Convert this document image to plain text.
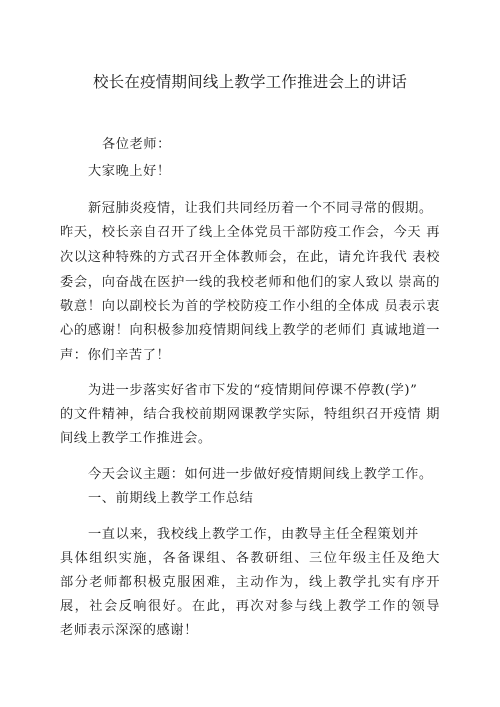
校长在疫情期间线上教学工作推进会上的讲话
各位老师：
大家晚上好！
新冠肺炎疫情，让我们共同经历着一个不同寻常的假期。
昨天，校长亲自召开了线上全体党员干部防疫工作会，今天 再
次以这种特殊的方式召开全体教师会，在此，请允许我代 表校
委会，向奋战在医护一线的我校老师和他们的家人致以 崇高的
敬意！向以副校长为首的学校防疫工作小组的全体成 员表示衷
心的感谢！向积极参加疫情期间线上教学的老师们 真诚地道一
声：你们辛苦了！
为进一步落实好省市下发的“疫情期间停课不停教(学)”
的文件精神，结合我校前期网课教学实际，特组织召开疫情 期
间线上教学工作推进会。
今天会议主题：如何进一步做好疫情期间线上教学工作。
一、前期线上教学工作总结
一直以来，我校线上教学工作，由教导主任全程策划并
具体组织实施，各备课组、各教研组、三位年级主任及绝大
部分老师都积极克服困难，主动作为，线上教学扎实有序开
展，社会反响很好。在此，再次对参与线上教学工作的领导
老师表示深深的感谢！
